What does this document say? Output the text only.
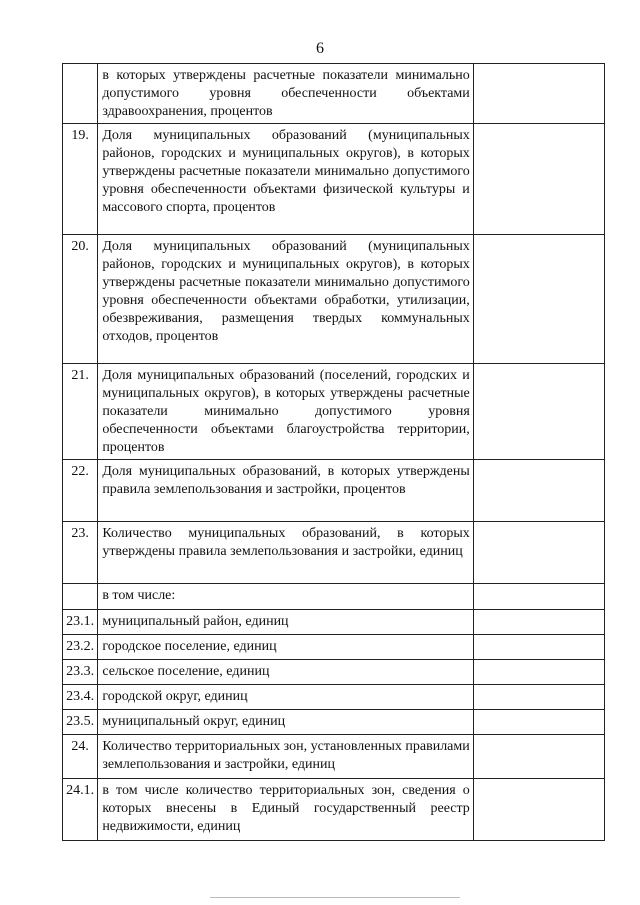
6
	в которых утверждены расчетные показатели минимально допустимого уровня обеспеченности объектами здравоохранения, процентов	
19.	Доля муниципальных образований (муниципальных районов, городских и муниципальных округов), в которых утверждены расчетные показатели минимально допустимого уровня обеспеченности объектами физической культуры и массового спорта, процентов	
20.	Доля муниципальных образований (муниципальных районов, городских и муниципальных округов), в которых утверждены расчетные показатели минимально допустимого уровня обеспеченности объектами обработки, утилизации, обезвреживания, размещения твердых коммунальных отходов, процентов	
21.	Доля муниципальных образований (поселений, городских и муниципальных округов), в которых утверждены расчетные показатели минимально допустимого уровня обеспеченности объектами благоустройства территории, процентов	
22.	Доля муниципальных образований, в которых утверждены правила землепользования и застройки, процентов	
23.	Количество муниципальных образований, в которых утверждены правила землепользования и застройки, единиц	
	в том числе:	
23.1.	муниципальный район, единиц	
23.2.	городское поселение, единиц	
23.3.	сельское поселение, единиц	
23.4.	городской округ, единиц	
23.5.	муниципальный округ, единиц	
24.	Количество территориальных зон, установленных правилами землепользования и застройки, единиц	
24.1.	в том числе количество территориальных зон, сведения о которых внесены в Единый государственный реестр недвижимости, единиц	
